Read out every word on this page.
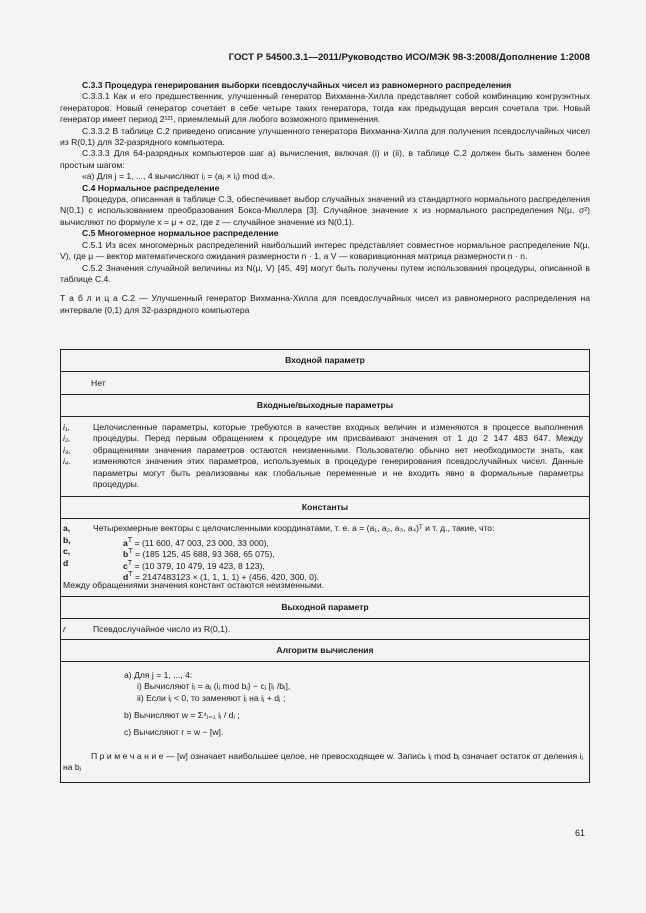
ГОСТ Р 54500.3.1—2011/Руководство ИСО/МЭК 98-3:2008/Дополнение 1:2008

С.3.3 Процедура генерирования выборки псевдослучайных чисел из равномерного распределения

С.3.3.1 Как и его предшественник, улучшенный генератор Вихманна-Хилла представляет собой комбинацию конгруэнтных генераторов. Новый генератор сочетает в себе четыре таких генератора, тогда как предыдущая версия сочетала три. Новый генератор имеет период 2¹²¹, приемлемый для любого возможного применения.

С.3.3.2 В таблице С.2 приведено описание улучшенного генератора Вихманна-Хилла для получения псевдослучайных чисел из R(0,1) для 32-разрядного компьютера.

С.3.3.3 Для 64-разрядных компьютеров шаг а) вычисления, включая (i) и (ii), в таблице С.2 должен быть заменен более простым шагом:

«а) Для j = 1, ..., 4 вычисляют iⱼ = (aⱼ × iⱼ) mod dⱼ».

С.4 Нормальное распределение

Процедура, описанная в таблице С.3, обеспечивает выбор случайных значений из стандартного нормального распределения N(0,1) с использованием преобразования Бокса-Мюллера [3]. Случайное значение x из нормального распределения N(μ, σ²) вычисляют по формуле x = μ + σz, где z — случайное значение из N(0,1).

С.5 Многомерное нормальное распределение

С.5.1 Из всех многомерных распределений наибольший интерес представляет совместное нормальное распределение N(μ, V), где μ — вектор математического ожидания размерности n · 1, а V — ковариационная матрица размерности n · n.

С.5.2 Значения случайной величины из N(μ, V) [45, 49] могут быть получены путем использования процедуры, описанной в таблице С.4.

Т а б л и ц а С.2 — Улучшенный генератор Вихманна-Хилла для псевдослучайных чисел из равномерного распределения на интервале (0,1) для 32-разрядного компьютера

Входной параметр
Нет
Входные/выходные параметры
i₁,
i₂,
i₃,
i₄.
Целочисленные параметры, которые требуются в качестве входных величин и изменяются в процессе выполнения процедуры. Перед первым обращением к процедуре им присваивают значения от 1 до 2 147 483 647. Между обращениями значения параметров остаются неизменными. Пользователю обычно нет необходимости знать, как изменяются значения этих параметров, используемых в процедуре генерирования псевдослучайных чисел. Данные параметры могут быть реализованы как глобальные переменные и не входить явно в формальные параметры процедуры.
Константы
a,
b,
c,
d
Четырехмерные векторы с целочисленными координатами, т. е. a = (a₁, a₂, a₃, a₄)ᵀ и т. д., такие, что:
$a^T = (11$ 600, 47 003, 23 000, 33 000),
$b^T = (185$ 125, 45 688, 93 368, 65 075),
$c^T = (10$ 379, 10 479, 19 423, 8 123),
$d^T = 2147483123 \times (1$, 1, 1, 1) + (456, 420, 300, 0).
Между обращениями значения констант остаются неизменными.
Выходной параметр
r	Псевдослучайное число из R(0,1).
Алгоритм вычисления
a) Для j = 1, ..., 4:
i) Вычисляют iⱼ = aⱼ (iⱼ mod bⱼ) − cⱼ [iⱼ /bⱼ],
ii) Если iⱼ < 0, то заменяют iⱼ на iⱼ + dⱼ ;
b) Вычисляют w = Σ⁴ⱼ₌₁ iⱼ / dⱼ ;
c) Вычисляют r = w − [w].
П р и м е ч а н и е — [w] означает наибольшее целое, не превосходящее w. Запись iⱼ mod bⱼ означает остаток от деления iⱼ на bⱼ
61
